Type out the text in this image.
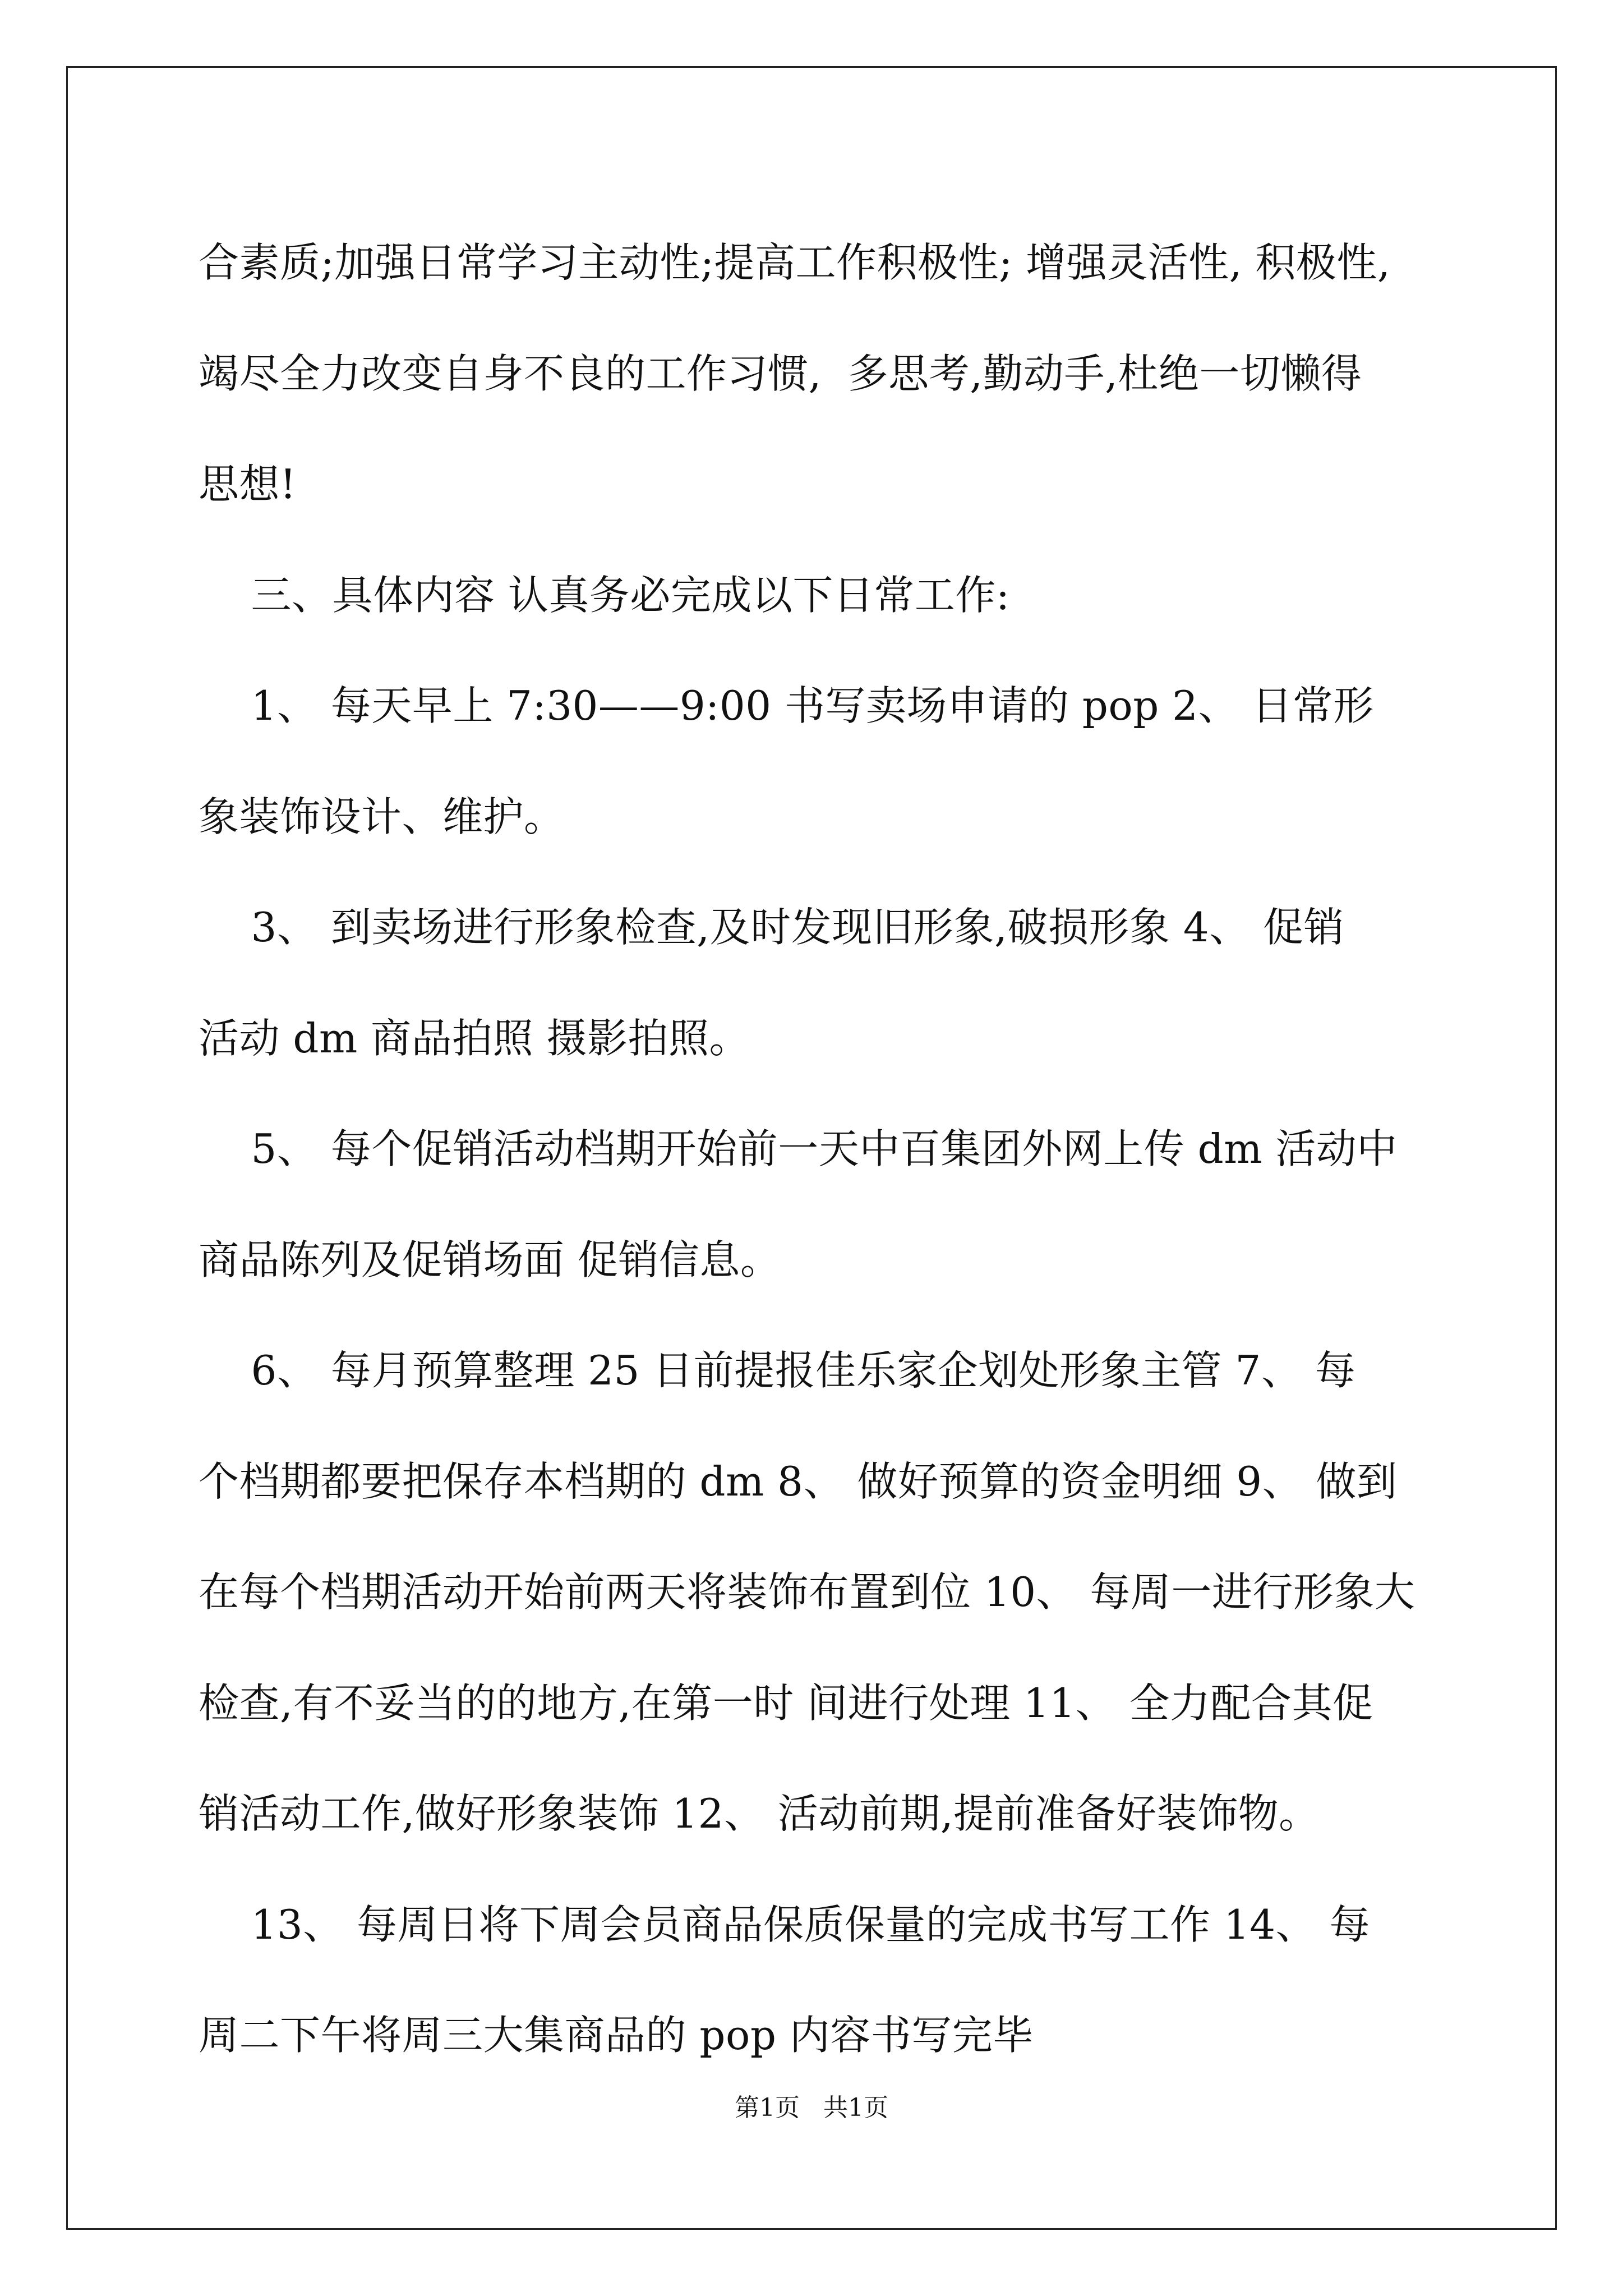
合素质;加强日常学习主动性;提高工作积极性; 增强灵活性, 积极性,
竭尽全力改变自身不良的工作习惯,  多思考,勤动手,杜绝一切懒得
思想!
三、具体内容 认真务必完成以下日常工作:
1、 每天早上 7:30——9:00 书写卖场申请的 pop 2、 日常形
象装饰设计、维护。
3、 到卖场进行形象检查,及时发现旧形象,破损形象 4、 促销
活动 dm 商品拍照 摄影拍照。
5、 每个促销活动档期开始前一天中百集团外网上传 dm 活动中
商品陈列及促销场面 促销信息。
6、 每月预算整理 25 日前提报佳乐家企划处形象主管 7、 每
个档期都要把保存本档期的 dm 8、 做好预算的资金明细 9、 做到
在每个档期活动开始前两天将装饰布置到位 10、 每周一进行形象大
检查,有不妥当的的地方,在第一时 间进行处理 11、 全力配合其促
销活动工作,做好形象装饰 12、 活动前期,提前准备好装饰物。
13、 每周日将下周会员商品保质保量的完成书写工作 14、 每
周二下午将周三大集商品的 pop 内容书写完毕
第1页   共1页
